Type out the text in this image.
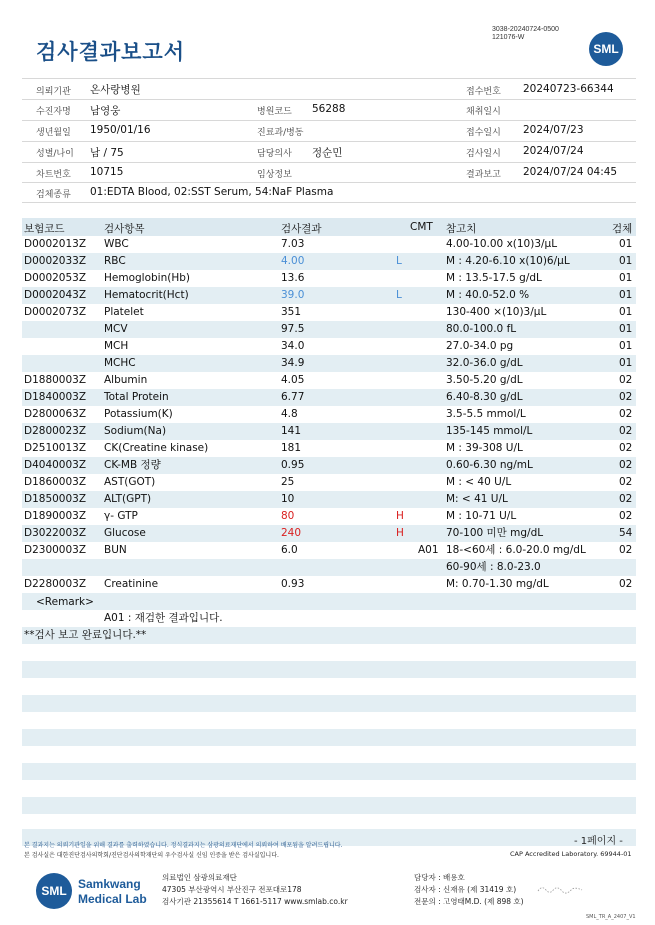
3038-20240724-0500
121076-W
검사결과보고서	SML
의뢰기관 온사랑병원	접수번호 20240723-66344
수진자명 남영웅	병원코드 56288	채취일시
생년월일 1950/01/16	진료과/병동	접수일시 2024/07/23
성별/나이 남 / 75	담당의사 정순민	검사일시 2024/07/24
차트번호 10715	임상정보	결과보고 2024/07/24 04:45
검체종류 01:EDTA Blood, 02:SST Serum, 54:NaF Plasma
보험코드	검사항목	검사결과	CMT 참고치	검체
D0002013Z WBC	7.03	4.00-10.00 x(10)3/μL	01
D0002033Z RBC	4.00	L	M : 4.20-6.10 x(10)6/μL	01
D0002053Z Hemoglobin(Hb)	13.6	M : 13.5-17.5 g/dL	01
D0002043Z Hematocrit(Hct)	39.0	L	M : 40.0-52.0 %	01
D0002073Z Platelet	351	130-400 ×(10)3/μL	01
MCV	97.5	80.0-100.0 fL	01
MCH	34.0	27.0-34.0 pg	01
MCHC	34.9	32.0-36.0 g/dL	01
D1880003Z Albumin	4.05	3.50-5.20 g/dL	02
D1840003Z Total Protein	6.77	6.40-8.30 g/dL	02
D2800063Z Potassium(K)	4.8	3.5-5.5 mmol/L	02
D2800023Z Sodium(Na)	141	135-145 mmol/L	02
D2510013Z CK(Creatine kinase)	181	M : 39-308 U/L	02
D4040003Z CK-MB 정량	0.95	0.60-6.30 ng/mL	02
D1860003Z AST(GOT)	25	M : < 40 U/L	02
D1850003Z ALT(GPT)	10	M: < 41 U/L	02
D1890003Z γ- GTP	80	H	M : 10-71 U/L	02
D3022003Z Glucose	240	H	70-100 미만 mg/dL	54
D2300003Z BUN	6.0	A01 18-<60세 : 6.0-20.0 mg/dL	02
60-90세 : 8.0-23.0
D2280003Z Creatinine	0.93	M: 0.70-1.30 mg/dL	02
<Remark>
A01 : 재검한 결과입니다.
**검사 보고 완료입니다.**
- 1페이지 -
본 결과지는 의뢰기관일을 위해 결과를 출력하였습니다. 정식결과지는 삼광의료재단에서 의뢰하여 배포됨을 알려드립니다.
본 검사실은 대한진단검사의학회/진단검사의학재단의 우수검사실 신임 인증을 받은 검사실입니다.	CAP Accredited Laboratory. 69944-01
SML Samkwang
Medical Lab
의료법인 삼광의료재단
47305 부산광역시 부산진구 전포대로178
검사기관 21355614 T 1661-5117 www.smlab.co.kr
담당자 : 배용호
검사자 : 신재유 (제 31419 호)
전문의 : 고영태M.D. (제 898 호)
SML_TR_A_2407_V1
